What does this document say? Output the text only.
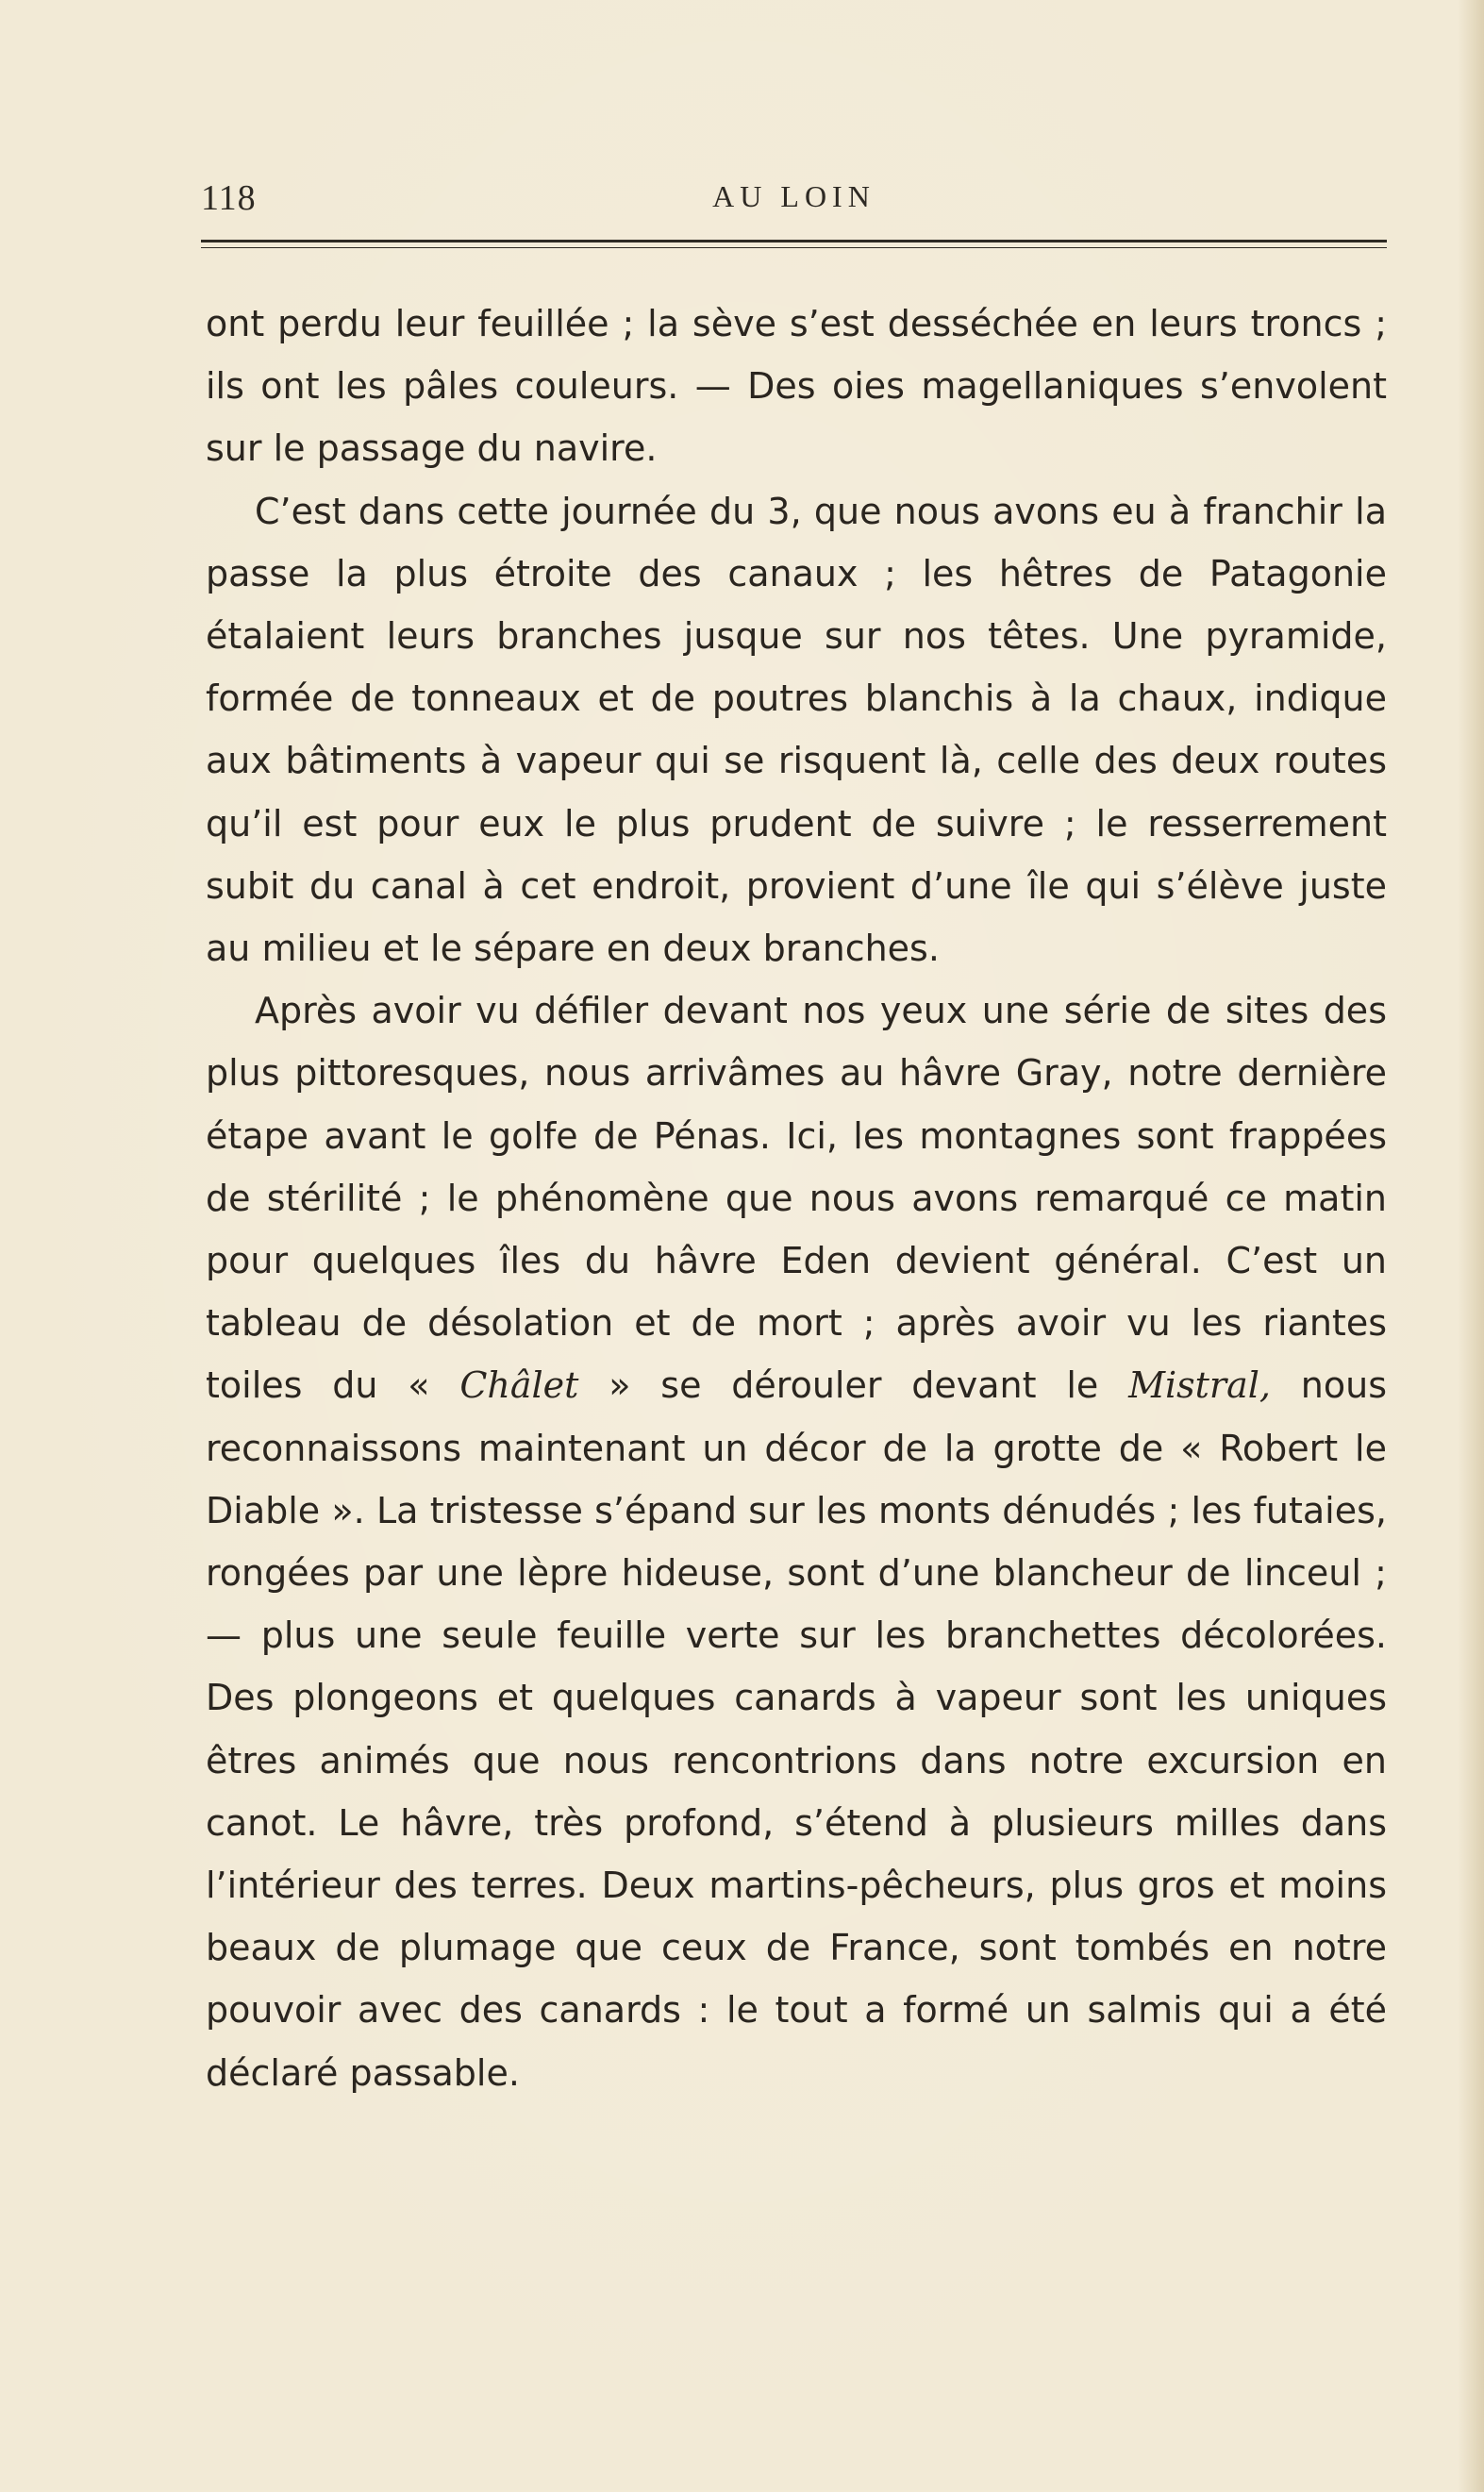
118	AU LOIN

ont perdu leur feuillée ; la sève s’est desséchée en leurs troncs ; ils ont les pâles couleurs. — Des oies magellaniques s’envolent sur le passage du navire.

C’est dans cette journée du 3, que nous avons eu à franchir la passe la plus étroite des canaux ; les hêtres de Patagonie étalaient leurs branches jusque sur nos têtes. Une pyramide, formée de tonneaux et de poutres blanchis à la chaux, indique aux bâtiments à vapeur qui se risquent là, celle des deux routes qu’il est pour eux le plus prudent de suivre ; le resserrement subit du canal à cet endroit, provient d’une île qui s’élève juste au milieu et le sépare en deux branches.

Après avoir vu défiler devant nos yeux une série de sites des plus pittoresques, nous arrivâmes au hâvre Gray, notre dernière étape avant le golfe de Pénas. Ici, les montagnes sont frappées de stérilité ; le phénomène que nous avons remarqué ce matin pour quelques îles du hâvre Eden devient général. C’est un tableau de désolation et de mort ; après avoir vu les riantes toiles du « Châlet » se dérouler devant le Mistral, nous reconnaissons maintenant un décor de la grotte de « Robert le Diable ». La tristesse s’épand sur les monts dénudés ; les futaies, rongées par une lèpre hideuse, sont d’une blancheur de linceul ; — plus une seule feuille verte sur les branchettes décolorées. Des plongeons et quelques canards à vapeur sont les uniques êtres animés que nous rencontrions dans notre excursion en canot. Le hâvre, très profond, s’étend à plusieurs milles dans l’intérieur des terres. Deux martins-pêcheurs, plus gros et moins beaux de plumage que ceux de France, sont tombés en notre pouvoir avec des canards : le tout a formé un salmis qui a été déclaré passable.
